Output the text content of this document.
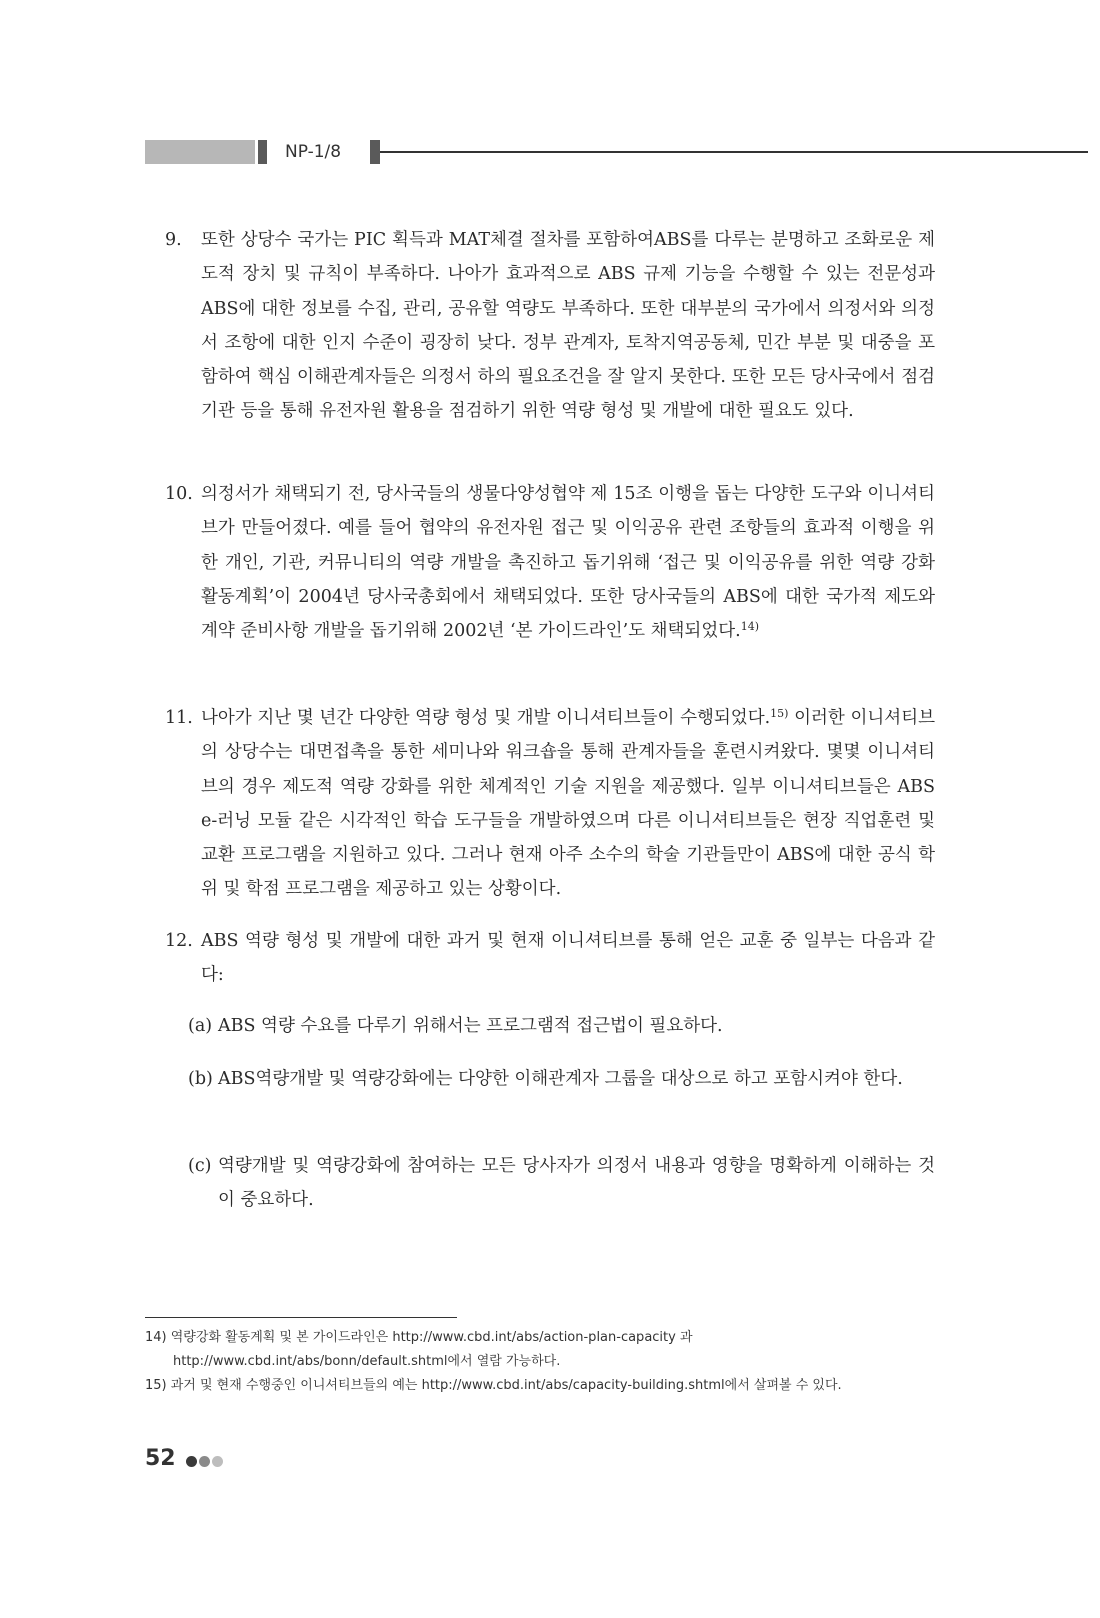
NP-1/8
9. 또한 상당수 국가는 PIC 획득과 MAT체결 절차를 포함하여ABS를 다루는 분명하고 조화로운 제도적 장치 및 규칙이 부족하다. 나아가 효과적으로 ABS 규제 기능을 수행할 수 있는 전문성과 ABS에 대한 정보를 수집, 관리, 공유할 역량도 부족하다. 또한 대부분의 국가에서 의정서와 의정서 조항에 대한 인지 수준이 굉장히 낮다. 정부 관계자, 토착지역공동체, 민간 부분 및 대중을 포함하여 핵심 이해관계자들은 의정서 하의 필요조건을 잘 알지 못한다. 또한 모든 당사국에서 점검기관 등을 통해 유전자원 활용을 점검하기 위한 역량 형성 및 개발에 대한 필요도 있다.
10. 의정서가 채택되기 전, 당사국들의 생물다양성협약 제 15조 이행을 돕는 다양한 도구와 이니셔티브가 만들어졌다. 예를 들어 협약의 유전자원 접근 및 이익공유 관련 조항들의 효과적 이행을 위한 개인, 기관, 커뮤니티의 역량 개발을 촉진하고 돕기위해 ‘접근 및 이익공유를 위한 역량 강화 활동계획’이 2004년 당사국총회에서 채택되었다. 또한 당사국들의 ABS에 대한 국가적 제도와 계약 준비사항 개발을 돕기위해 2002년 ‘본 가이드라인’도 채택되었다.$^{14)}$
11. 나아가 지난 몇 년간 다양한 역량 형성 및 개발 이니셔티브들이 수행되었다.$^{15)}$ 이러한 이니셔티브의 상당수는 대면접촉을 통한 세미나와 워크숍을 통해 관계자들을 훈련시켜왔다. 몇몇 이니셔티브의 경우 제도적 역량 강화를 위한 체계적인 기술 지원을 제공했다. 일부 이니셔티브들은 ABS e-러닝 모듈 같은 시각적인 학습 도구들을 개발하였으며 다른 이니셔티브들은 현장 직업훈련 및 교환 프로그램을 지원하고 있다. 그러나 현재 아주 소수의 학술 기관들만이 ABS에 대한 공식 학위 및 학점 프로그램을 제공하고 있는 상황이다.
12. ABS 역량 형성 및 개발에 대한 과거 및 현재 이니셔티브를 통해 얻은 교훈 중 일부는 다음과 같다:
(a) ABS 역량 수요를 다루기 위해서는 프로그램적 접근법이 필요하다.
(b) ABS역량개발 및 역량강화에는 다양한 이해관계자 그룹을 대상으로 하고 포함시켜야 한다.
(c) 역량개발 및 역량강화에 참여하는 모든 당사자가 의정서 내용과 영향을 명확하게 이해하는 것이 중요하다.
14) 역량강화 활동계획 및 본 가이드라인은 http://www.cbd.int/abs/action-plan-capacity 과
http://www.cbd.int/abs/bonn/default.shtml에서 열람 가능하다.
15) 과거 및 현재 수행중인 이니셔티브들의 예는 http://www.cbd.int/abs/capacity-building.shtml에서 살펴볼 수 있다.
52
